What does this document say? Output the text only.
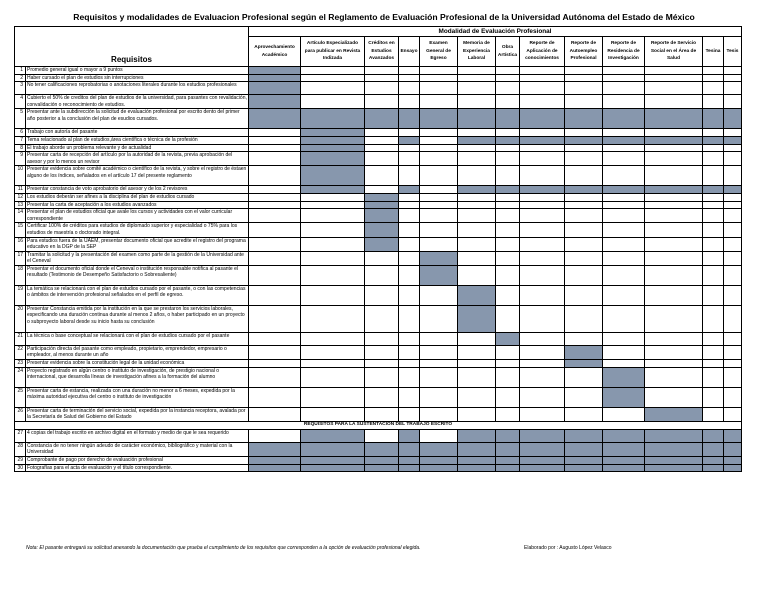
Requisitos y modalidades de Evaluacion Profesional según el Reglamento de Evaluación Profesional de la Universidad Autónoma del Estado de México
Requisitos		Modalidad de Evaluación Profesional												
		Aprovechamiento Académico	Artículo Especializado para publicar en Revista Indizada	Créditos en Estudios Avanzados	Ensayo	Examen General de Egreso	Memoria de Experiencia Laboral	Obra Artística	Reporte de Aplicación de conocimientos	Reporte de Autoempleo Profesional	Reporte de Residencia de Investigación	Reporte de Servicio Social en el Área de Salud	Tesina	Tesis
1	Promedio general igual o mayor a 9 puntos													
2	Haber cursado el plan de estudios sin interrupciones													
3	No tener calificaciones reprobatorias o anotaciones literales durante los estudios profesionales													
4	Cubierto el 50% de creditos del plan de estudios de la universidad, para pasantes con revalidación, convalidación o reconocimiento de estudios.													
5	Presentar ante la subdirección la solicitud de evaluación profesional por escrito dento del primer año posterior a la conclusión del plan de esudios cursados.													
6	Trabajo con autoría del pasante													
7	Tema relacionado al plan de estudios,área científica o técnica de la profesión													
8	El trabajo aborde un problema relevante y de actualidad													
9	Presentar carta de recepción del artículo por la autoridad de la revista, previa aprobación del asesor y por lo menos un revisor													
10	Presentar evidencia sobre comité académico o científico de la revista, y sobre el registro de éstaen alguno de los índices, señalados en el artículo 17 del presente reglamento													
11	Presentar constancia de voto aprobatorio del asesor y de los 2 revisores													
12	Los estudios deberán ser afines a la disciplina del plan de estudios cursado													
13	Presentar la carta de aceptación a los estudios avanzados													
14	Presentar el plan de estudios oficial que avale los cursos y actividades con el valor curricular correspondiente													
15	Certificar 100% de créditos para estudios de diplomado superior y especialidad o 75% para los estudios de maestría o doctorado integral.													
16	Para estudios fuera de la UAEM, presentar documento oficial que acredite el registro del programa educativo en la DGP de la SEP													
17	Tramitar la solicitud y la presentación del examen como parte de la gestión de la Universidad ante el Ceneval													
18	Presentar el documento oficial donde el Ceneval o institución responsable notifica al pasante el resultado (Testimonio de Desempeño Satisfactorio o Sobresaliente)													
19	La temática se relacionará con el plan de estudios cursado por el pasante, o con las competencias o ámbitos de intervención profesional señalados en el perfil de egreso.													
20	Presentar Constancia emitida por la institución en la que se prestaron los servicios laborales, especificando una duración continua durante al menos 2 años, o haber participado en un proyecto o subproyecto laboral desde su inicio hasta su conclusión													
21	La técnica o base conceptual se relacionará con el plan de estudios cursado por el pasante													
22	Participación directa del pasante como empleado, propietario, emprendedor, empresario o empleador, al menos durante un año													
23	Presentar evidencia sobre la constitución legal de la unidad económica													
24	Proyecto registrado en algún centro o instituto de investigación, de prestigio nacional o internacional, que desarrolla líneas de investigación afines a la formación del alumno													
25	Presentar carta de estancia, realizada con una duración no menor a 6 meses, expedida por la máxima autoridad ejecutiva del centro o instituto de investigación													
26	Presentar carta de terminación del servicio social, expedida por la instancia receptora, avalada por la Secretaría de Salud del Gobierno del Estado													
REQUISITOS PARA LA SUSTENTACIÓN DEL TRABAJO ESCRITO														
27	4 copias del trabajo escrito en archivo digital en el formato y medio de que le sea requerido													
28	Constancia de no tener ningún adeudo de carácter económico, bibliográfico y material con la Universidad													
29	Comprobante de pago por derecho de evaluación profesional													
30	Fotografías para el acta de evaluación y el título correspondiente.													
Nota: El pasante entregará su solicitud anexando la documentación que prueba el cumplimiento de los requisitos que corresponden a la opción de evaluación profesional elegida.	Elaborado por : Augusto López Velasco
